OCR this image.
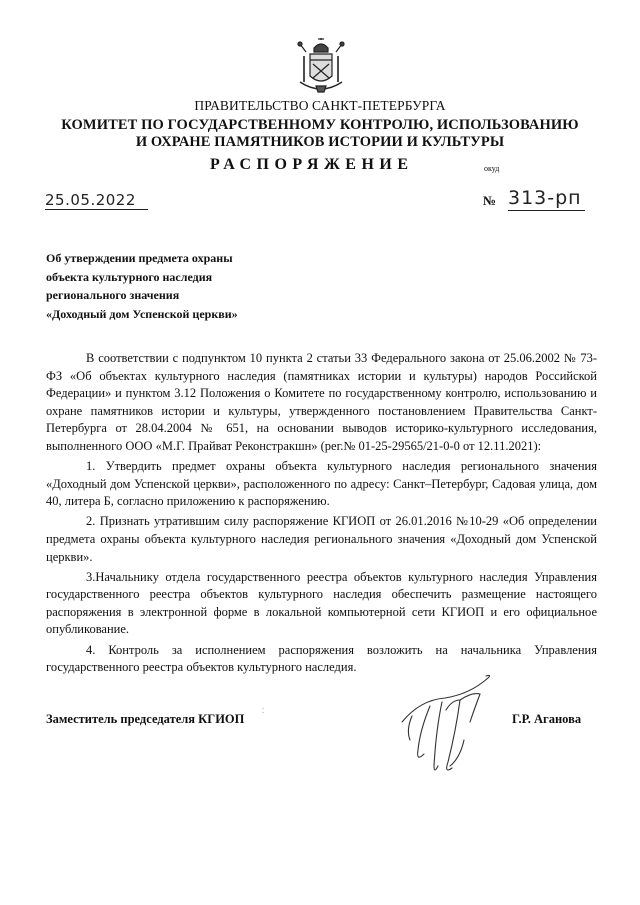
ПРАВИТЕЛЬСТВО САНКТ-ПЕТЕРБУРГА
КОМИТЕТ ПО ГОСУДАРСТВЕННОМУ КОНТРОЛЮ, ИСПОЛЬЗОВАНИЮ
И ОХРАНЕ ПАМЯТНИКОВ ИСТОРИИ И КУЛЬТУРЫ
РАСПОРЯЖЕНИЕ	окуд
25.05.2022	№ 313-рп
Об утверждении предмета охраны
объекта культурного наследия
регионального значения
«Доходный дом Успенской церкви»

В соответствии с подпунктом 10 пункта 2 статьи 33 Федерального закона от 25.06.2002 № 73-ФЗ «Об объектах культурного наследия (памятниках истории и культуры) народов Российской Федерации» и пунктом 3.12 Положения о Комитете по государственному контролю, использованию и охране памятников истории и культуры, утвержденного постановлением Правительства Санкт-Петербурга от 28.04.2004 № 651, на основании выводов историко-культурного исследования, выполненного ООО «М.Г. Прайват Реконстракшн» (рег.№ 01-25-29565/21-0-0 от 12.11.2021):

1. Утвердить предмет охраны объекта культурного наследия регионального значения «Доходный дом Успенской церкви», расположенного по адресу: Санкт–Петербург, Садовая улица, дом 40, литера Б, согласно приложению к распоряжению.

2. Признать утратившим силу распоряжение КГИОП от 26.01.2016 №10-29 «Об определении предмета охраны объекта культурного наследия регионального значения «Доходный дом Успенской церкви».

3.Начальнику отдела государственного реестра объектов культурного наследия Управления государственного реестра объектов культурного наследия обеспечить размещение настоящего распоряжения в электронной форме в локальной компьютерной сети КГИОП и его официальное опубликование.

4. Контроль за исполнением распоряжения возложить на начальника Управления государственного реестра объектов культурного наследия.

Заместитель председателя КГИОП
⁚
Г.Р. Аганова
